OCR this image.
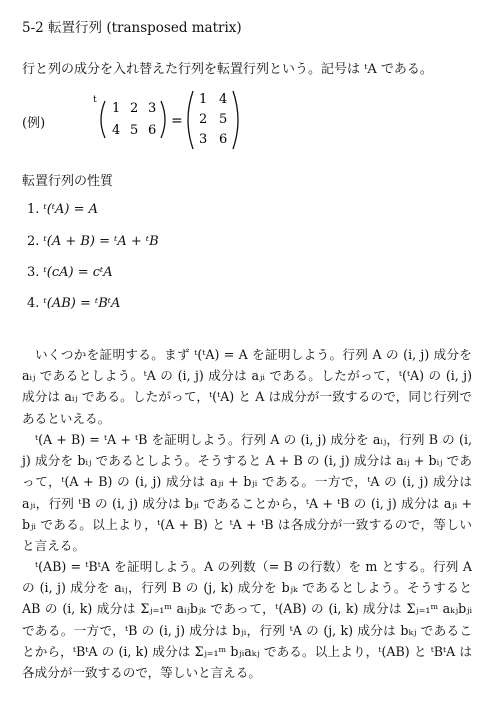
5-2 転置行列 (transposed matrix)
行と列の成分を入れ替えた行列を転置行列という。記号は ᵗA である。
(例)
t
1 2 3
4 5 6
=
1 4
2 5
3 6
転置行列の性質
1. ᵗ(ᵗA) = A
2. ᵗ(A + B) = ᵗA + ᵗB
3. ᵗ(cA) = cᵗA
4. ᵗ(AB) = ᵗBᵗA

いくつかを証明する。まず ᵗ(ᵗA) = A を証明しよう。行列 A の (i, j) 成分を aᵢⱼ であるとしよう。ᵗA の (i, j) 成分は aⱼᵢ である。したがって，ᵗ(ᵗA) の (i, j) 成分は aᵢⱼ である。したがって，ᵗ(ᵗA) と A は成分が一致するので，同じ行列であるといえる。

ᵗ(A + B) = ᵗA + ᵗB を証明しよう。行列 A の (i, j) 成分を aᵢⱼ，行列 B の (i, j) 成分を bᵢⱼ であるとしよう。そうすると A + B の (i, j) 成分は aᵢⱼ + bᵢⱼ であって，ᵗ(A + B) の (i, j) 成分は aⱼᵢ + bⱼᵢ である。一方で，ᵗA の (i, j) 成分は aⱼᵢ，行列 ᵗB の (i, j) 成分は bⱼᵢ であることから，ᵗA + ᵗB の (i, j) 成分は aⱼᵢ + bⱼᵢ である。以上より，ᵗ(A + B) と ᵗA + ᵗB は各成分が一致するので，等しいと言える。

ᵗ(AB) = ᵗBᵗA を証明しよう。A の列数（= B の行数）を m とする。行列 A の (i, j) 成分を aᵢⱼ，行列 B の (j, k) 成分を bⱼₖ であるとしよう。そうすると AB の (i, k) 成分は Σⱼ₌₁ᵐ aᵢⱼbⱼₖ であって，ᵗ(AB) の (i, k) 成分は Σⱼ₌₁ᵐ aₖⱼbⱼᵢ である。一方で，ᵗB の (i, j) 成分は bⱼᵢ，行列 ᵗA の (j, k) 成分は bₖⱼ であることから，ᵗBᵗA の (i, k) 成分は Σⱼ₌₁ᵐ bⱼᵢaₖⱼ である。以上より，ᵗ(AB) と ᵗBᵗA は各成分が一致するので，等しいと言える。
